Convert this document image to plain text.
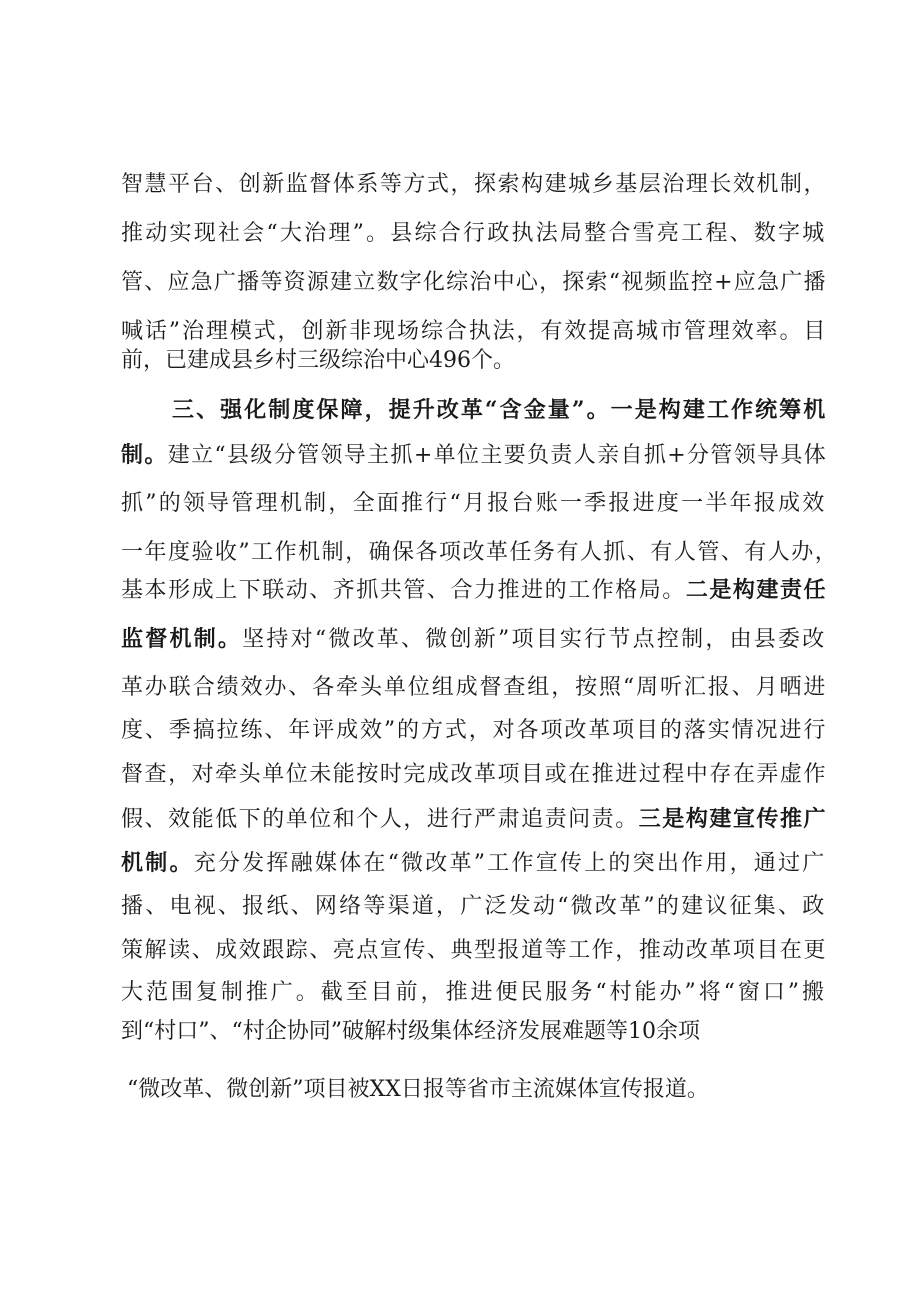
智慧平台、创新监督体系等方式，探索构建城乡基层治理长效机制，
推动实现社会“大治理”。县综合行政执法局整合雪亮工程、数字城
管、应急广播等资源建立数字化综治中心，探索“视频监控+应急广播
喊话”治理模式，创新非现场综合执法，有效提高城市管理效率。目
前，已建成县乡村三级综治中心496个。
三、强化制度保障，提升改革“含金量”。一是构建工作统筹机
制。建立“县级分管领导主抓+单位主要负责人亲自抓+分管领导具体
抓”的领导管理机制，全面推行“月报台账一季报进度一半年报成效
一年度验收”工作机制，确保各项改革任务有人抓、有人管、有人办，
基本形成上下联动、齐抓共管、合力推进的工作格局。二是构建责任
监督机制。坚持对“微改革、微创新”项目实行节点控制，由县委改
革办联合绩效办、各牵头单位组成督查组，按照“周听汇报、月晒进
度、季搞拉练、年评成效”的方式，对各项改革项目的落实情况进行
督查，对牵头单位未能按时完成改革项目或在推进过程中存在弄虚作
假、效能低下的单位和个人，进行严肃追责问责。三是构建宣传推广
机制。充分发挥融媒体在“微改革”工作宣传上的突出作用，通过广
播、电视、报纸、网络等渠道，广泛发动“微改革”的建议征集、政
策解读、成效跟踪、亮点宣传、典型报道等工作，推动改革项目在更
大范围复制推广。截至目前，推进便民服务“村能办”将“窗口”搬
到“村口”、“村企协同”破解村级集体经济发展难题等10余项
“微改革、微创新”项目被XX日报等省市主流媒体宣传报道。
